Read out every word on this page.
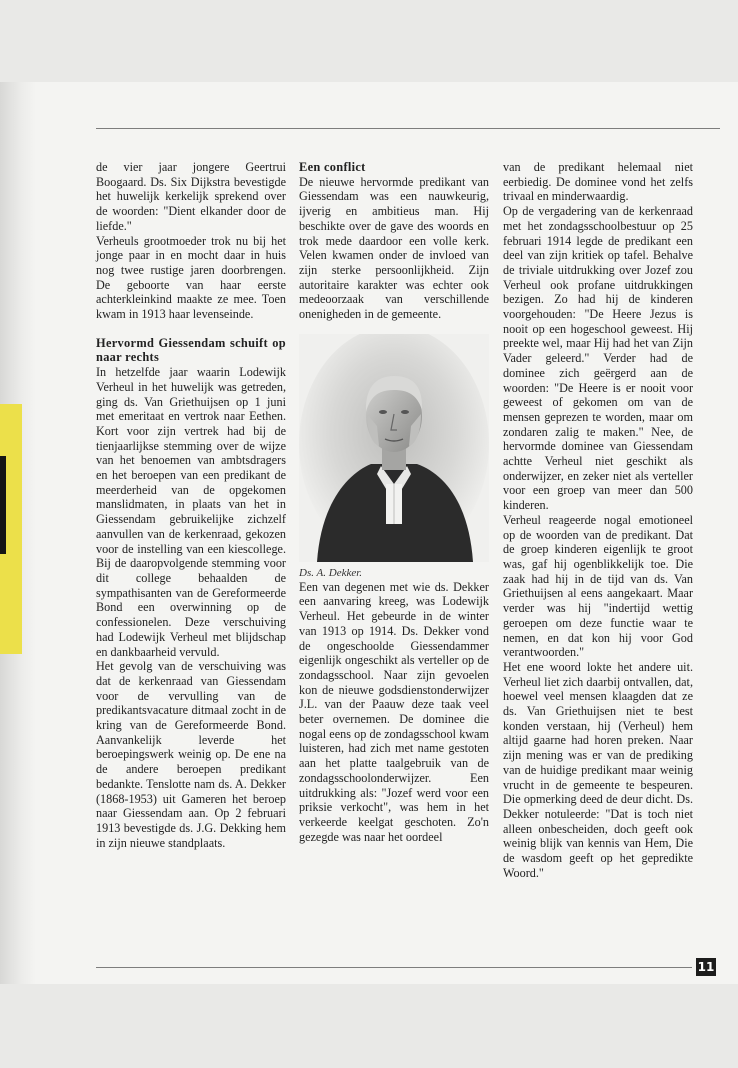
de vier jaar jongere Geertrui Boogaard. Ds. Six Dijkstra bevestigde het huwelijk kerkelijk sprekend over de woorden: "Dient elkander door de liefde."

Verheuls grootmoeder trok nu bij het jonge paar in en mocht daar in huis nog twee rustige jaren doorbrengen. De geboorte van haar eerste achterkleinkind maakte ze mee. Toen kwam in 1913 haar levenseinde.

Hervormd Giessendam schuift op naar rechts

In hetzelfde jaar waarin Lodewijk Verheul in het huwelijk was getreden, ging ds. Van Griethuijsen op 1 juni met emeritaat en vertrok naar Eethen. Kort voor zijn vertrek had bij de tienjaarlijkse stemming over de wijze van het benoemen van ambtsdragers en het beroepen van een predikant de meerderheid van de opgekomen manslidmaten, in plaats van het in Giessendam gebruikelijke zichzelf aanvullen van de kerkenraad, gekozen voor de instelling van een kiescollege. Bij de daaropvolgende stemming voor dit college behaalden de sympathisanten van de Gereformeerde Bond een overwinning op de confessionelen. Deze verschuiving had Lodewijk Verheul met blijdschap en dankbaarheid vervuld.

Het gevolg van de verschuiving was dat de kerkenraad van Giessendam voor de vervulling van de predikantsvacature ditmaal zocht in de kring van de Gereformeerde Bond. Aanvankelijk leverde het beroepingswerk weinig op. De ene na de andere beroepen predikant bedankte. Tenslotte nam ds. A. Dekker (1868-1953) uit Gameren het beroep naar Giessendam aan. Op 2 februari 1913 bevestigde ds. J.G. Dekking hem in zijn nieuwe standplaats.

Een conflict

De nieuwe hervormde predikant van Giessendam was een nauwkeurig, ijverig en ambitieus man. Hij beschikte over de gave des woords en trok mede daardoor een volle kerk. Velen kwamen onder de invloed van zijn sterke persoonlijkheid. Zijn autoritaire karakter was echter ook medeoorzaak van verschillende onenigheden in de gemeente.

Ds. A. Dekker.

Een van degenen met wie ds. Dekker een aanvaring kreeg, was Lodewijk Verheul. Het gebeurde in de winter van 1913 op 1914. Ds. Dekker vond de ongeschoolde Giessendammer eigenlijk ongeschikt als verteller op de zondagsschool. Naar zijn gevoelen kon de nieuwe godsdienstonderwijzer J.L. van der Paauw deze taak veel beter overnemen. De dominee die nogal eens op de zondagsschool kwam luisteren, had zich met name gestoten aan het platte taalgebruik van de zondagsschoolonderwijzer. Een uitdrukking als: "Jozef werd voor een priksie verkocht", was hem in het verkeerde keelgat geschoten. Zo'n gezegde was naar het oordeel

van de predikant helemaal niet eerbiedig. De dominee vond het zelfs trivaal en minderwaardig.

Op de vergadering van de kerkenraad met het zondagsschoolbestuur op 25 februari 1914 legde de predikant een deel van zijn kritiek op tafel. Behalve de triviale uitdrukking over Jozef zou Verheul ook profane uitdrukkingen bezigen. Zo had hij de kinderen voorgehouden: "De Heere Jezus is nooit op een hogeschool geweest. Hij preekte wel, maar Hij had het van Zijn Vader geleerd." Verder had de dominee zich geërgerd aan de woorden: "De Heere is er nooit voor geweest of gekomen om van de mensen geprezen te worden, maar om zondaren zalig te maken." Nee, de hervormde dominee van Giessendam achtte Verheul niet geschikt als onderwijzer, en zeker niet als verteller voor een groep van meer dan 500 kinderen.

Verheul reageerde nogal emotioneel op de woorden van de predikant. Dat de groep kinderen eigenlijk te groot was, gaf hij ogenblikkelijk toe. Die zaak had hij in de tijd van ds. Van Griethuijsen al eens aangekaart. Maar verder was hij "indertijd wettig geroepen om deze functie waar te nemen, en dat kon hij voor God verantwoorden."

Het ene woord lokte het andere uit. Verheul liet zich daarbij ontvallen, dat, hoewel veel mensen klaagden dat ze ds. Van Griethuijsen niet te best konden verstaan, hij (Verheul) hem altijd gaarne had horen preken. Naar zijn mening was er van de prediking van de huidige predikant maar weinig vrucht in de gemeente te bespeuren. Die opmerking deed de deur dicht. Ds. Dekker notuleerde: "Dat is toch niet alleen onbescheiden, doch geeft ook weinig blijk van kennis van Hem, Die de wasdom geeft op het gepredikte Woord."

11
